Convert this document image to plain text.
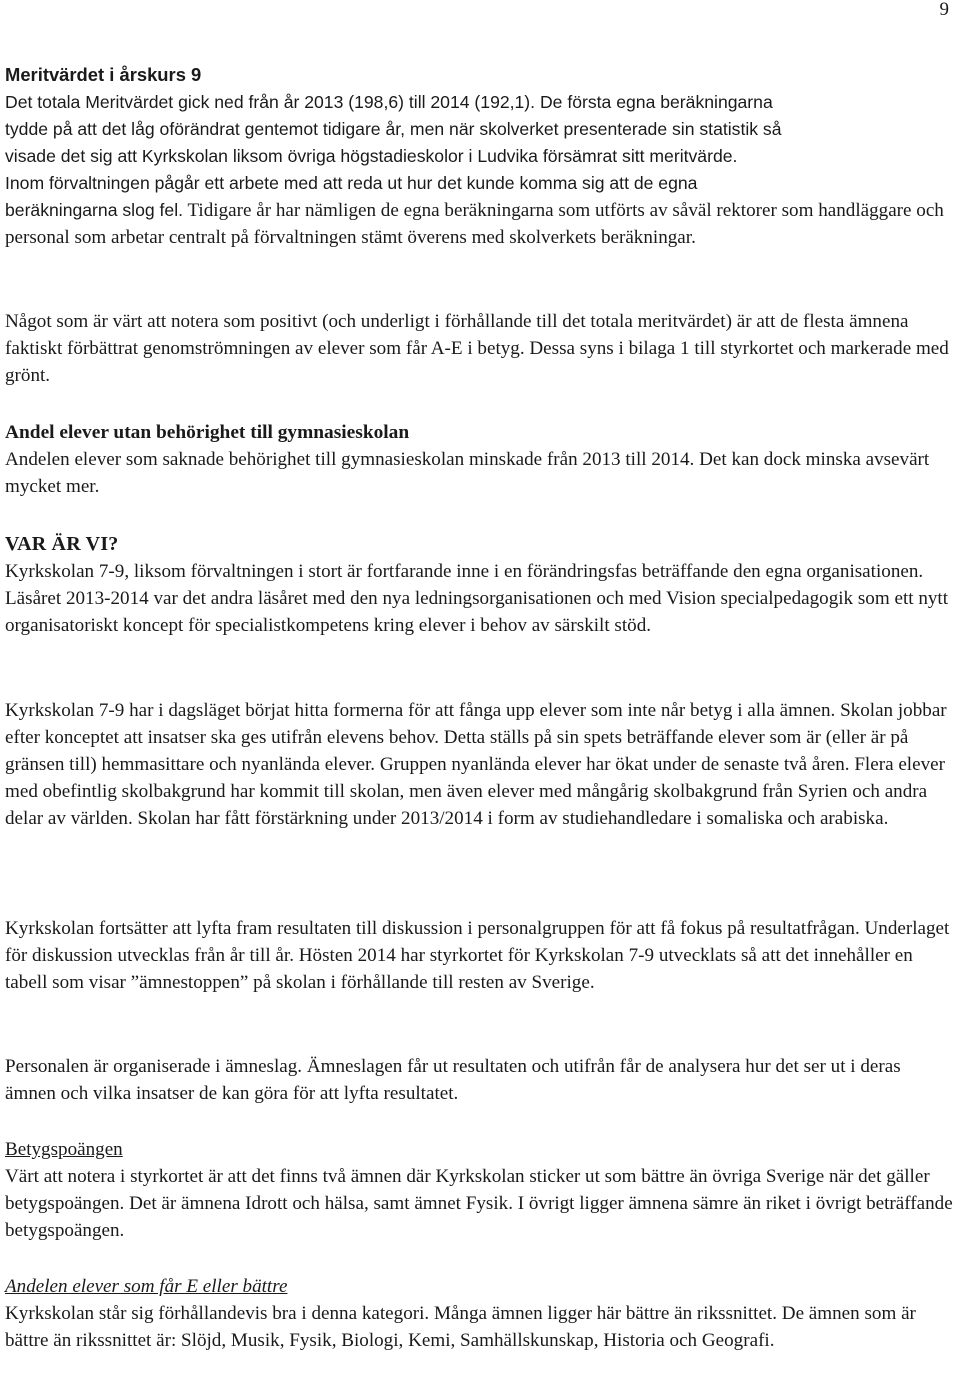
9
Meritvärdet i årskurs 9
Det totala Meritvärdet gick ned från år 2013 (198,6) till 2014 (192,1). De första egna beräkningarna
tydde på att det låg oförändrat gentemot tidigare år, men när skolverket presenterade sin statistik så
visade det sig att Kyrkskolan liksom övriga högstadieskolor i Ludvika försämrat sitt meritvärde.
Inom förvaltningen pågår ett arbete med att reda ut hur det kunde komma sig att de egna

beräkningarna slog fel. Tidigare år har nämligen de egna beräkningarna som utförts av såväl rektorer som handläggare och personal som arbetar centralt på förvaltningen stämt överens med skolverkets beräkningar.

Något som är värt att notera som positivt (och underligt i förhållande till det totala meritvärdet) är att de flesta ämnena faktiskt förbättrat genomströmningen av elever som får A-E i betyg. Dessa syns i bilaga 1 till styrkortet och markerade med grönt.
Andel elever utan behörighet till gymnasieskolan
Andelen elever som saknade behörighet till gymnasieskolan minskade från 2013 till 2014. Det kan dock minska avsevärt mycket mer.
VAR ÄR VI?
Kyrkskolan 7-9, liksom förvaltningen i stort är fortfarande inne i en förändringsfas beträffande den egna organisationen. Läsåret 2013-2014 var det andra läsåret med den nya ledningsorganisationen och med Vision specialpedagogik som ett nytt organisatoriskt koncept för specialistkompetens kring elever i behov av särskilt stöd.
Kyrkskolan 7-9 har i dagsläget börjat hitta formerna för att fånga upp elever som inte når betyg i alla ämnen. Skolan jobbar efter konceptet att insatser ska ges utifrån elevens behov. Detta ställs på sin spets beträffande elever som är (eller är på gränsen till) hemmasittare och nyanlända elever. Gruppen nyanlända elever har ökat under de senaste två åren. Flera elever med obefintlig skolbakgrund har kommit till skolan, men även elever med mångårig skolbakgrund från Syrien och andra delar av världen. Skolan har fått förstärkning under 2013/2014 i form av studiehandledare i somaliska och arabiska.
Kyrkskolan fortsätter att lyfta fram resultaten till diskussion i personalgruppen för att få fokus på resultatfrågan. Underlaget för diskussion utvecklas från år till år. Hösten 2014 har styrkortet för Kyrkskolan 7-9 utvecklats så att det innehåller en tabell som visar ”ämnestoppen” på skolan i förhållande till resten av Sverige.
Personalen är organiserade i ämneslag. Ämneslagen får ut resultaten och utifrån får de analysera hur det ser ut i deras ämnen och vilka insatser de kan göra för att lyfta resultatet.
Betygspoängen
Värt att notera i styrkortet är att det finns två ämnen där Kyrkskolan sticker ut som bättre än övriga Sverige när det gäller betygspoängen. Det är ämnena Idrott och hälsa, samt ämnet Fysik. I övrigt ligger ämnena sämre än riket i övrigt beträffande betygspoängen.
Andelen elever som får E eller bättre
Kyrkskolan står sig förhållandevis bra i denna kategori. Många ämnen ligger här bättre än rikssnittet. De ämnen som är bättre än rikssnittet är: Slöjd, Musik, Fysik, Biologi, Kemi, Samhällskunskap, Historia och Geografi.
